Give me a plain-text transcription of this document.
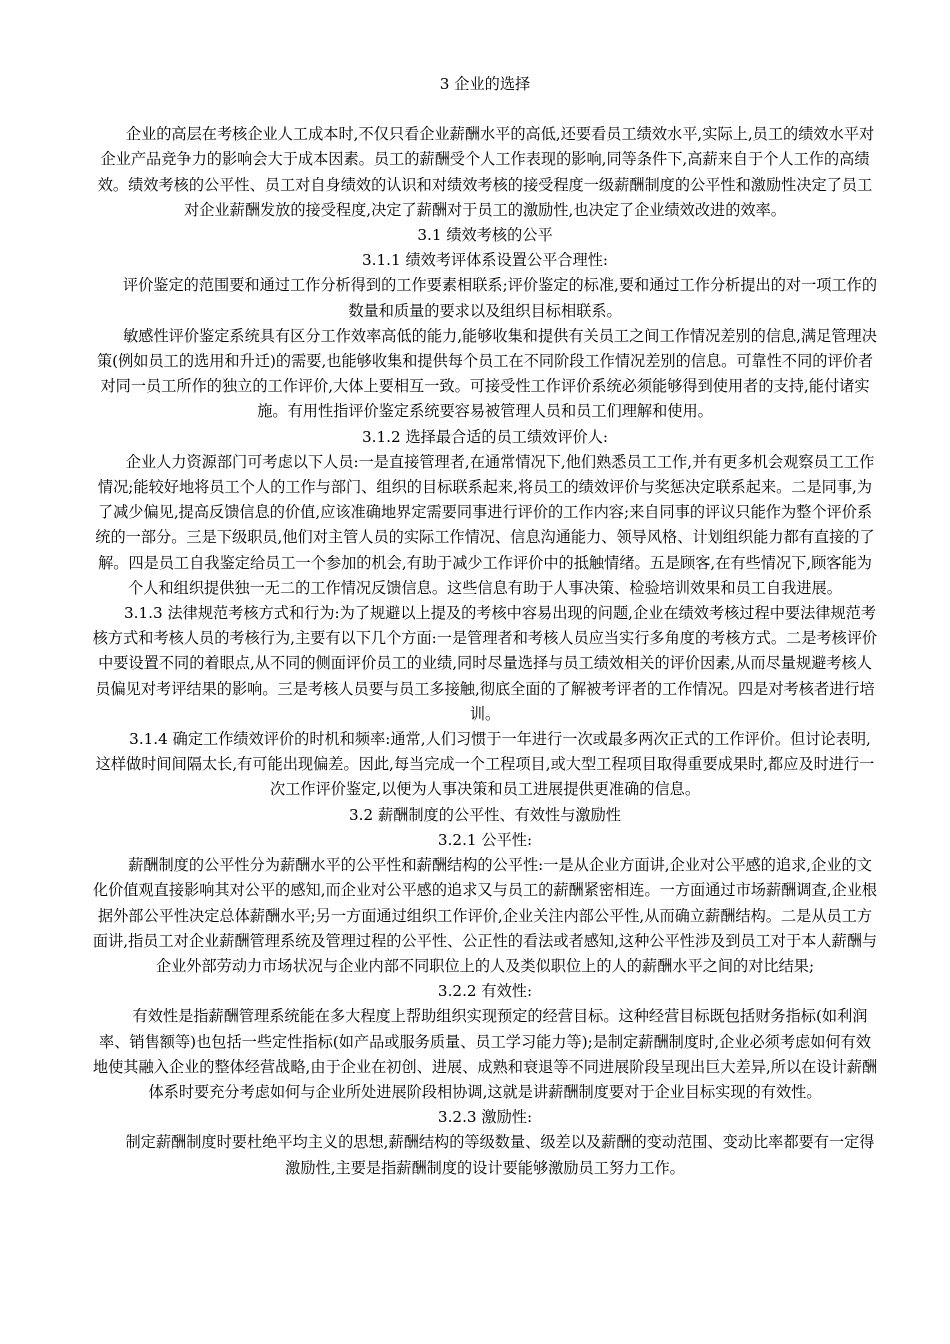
3 企业的选择

企业的高层在考核企业人工成本时,不仅只看企业薪酬水平的高低,还要看员工绩效水平,实际上,员工的绩效水平对企业产品竞争力的影响会大于成本因素。员工的薪酬受个人工作表现的影响,同等条件下,高薪来自于个人工作的高绩效。绩效考核的公平性、员工对自身绩效的认识和对绩效考核的接受程度一级薪酬制度的公平性和激励性决定了员工对企业薪酬发放的接受程度,决定了薪酬对于员工的激励性,也决定了企业绩效改进的效率。

3.1 绩效考核的公平

3.1.1 绩效考评体系设置公平合理性:

评价鉴定的范围要和通过工作分析得到的工作要素相联系;评价鉴定的标准,要和通过工作分析提出的对一项工作的数量和质量的要求以及组织目标相联系。

敏感性评价鉴定系统具有区分工作效率高低的能力,能够收集和提供有关员工之间工作情况差别的信息,满足管理决策(例如员工的选用和升迁)的需要,也能够收集和提供每个员工在不同阶段工作情况差别的信息。可靠性不同的评价者对同一员工所作的独立的工作评价,大体上要相互一致。可接受性工作评价系统必须能够得到使用者的支持,能付诸实施。有用性指评价鉴定系统要容易被管理人员和员工们理解和使用。

3.1.2 选择最合适的员工绩效评价人:

企业人力资源部门可考虑以下人员:一是直接管理者,在通常情况下,他们熟悉员工工作,并有更多机会观察员工工作情况;能较好地将员工个人的工作与部门、组织的目标联系起来,将员工的绩效评价与奖惩决定联系起来。二是同事,为了减少偏见,提高反馈信息的价值,应该准确地界定需要同事进行评价的工作内容;来自同事的评议只能作为整个评价系统的一部分。三是下级职员,他们对主管人员的实际工作情况、信息沟通能力、领导风格、计划组织能力都有直接的了解。四是员工自我鉴定给员工一个参加的机会,有助于减少工作评价中的抵触情绪。五是顾客,在有些情况下,顾客能为个人和组织提供独一无二的工作情况反馈信息。这些信息有助于人事决策、检验培训效果和员工自我进展。

3.1.3 法律规范考核方式和行为:为了规避以上提及的考核中容易出现的问题,企业在绩效考核过程中要法律规范考核方式和考核人员的考核行为,主要有以下几个方面:一是管理者和考核人员应当实行多角度的考核方式。二是考核评价中要设置不同的着眼点,从不同的侧面评价员工的业绩,同时尽量选择与员工绩效相关的评价因素,从而尽量规避考核人员偏见对考评结果的影响。三是考核人员要与员工多接触,彻底全面的了解被考评者的工作情况。四是对考核者进行培训。

3.1.4 确定工作绩效评价的时机和频率:通常,人们习惯于一年进行一次或最多两次正式的工作评价。但讨论表明,这样做时间间隔太长,有可能出现偏差。因此,每当完成一个工程项目,或大型工程项目取得重要成果时,都应及时进行一次工作评价鉴定,以便为人事决策和员工进展提供更准确的信息。

3.2 薪酬制度的公平性、有效性与激励性

3.2.1 公平性:

薪酬制度的公平性分为薪酬水平的公平性和薪酬结构的公平性:一是从企业方面讲,企业对公平感的追求,企业的文化价值观直接影响其对公平的感知,而企业对公平感的追求又与员工的薪酬紧密相连。一方面通过市场薪酬调查,企业根据外部公平性决定总体薪酬水平;另一方面通过组织工作评价,企业关注内部公平性,从而确立薪酬结构。二是从员工方面讲,指员工对企业薪酬管理系统及管理过程的公平性、公正性的看法或者感知,这种公平性涉及到员工对于本人薪酬与企业外部劳动力市场状况与企业内部不同职位上的人及类似职位上的人的薪酬水平之间的对比结果;

3.2.2 有效性:

有效性是指薪酬管理系统能在多大程度上帮助组织实现预定的经营目标。这种经营目标既包括财务指标(如利润率、销售额等)也包括一些定性指标(如产品或服务质量、员工学习能力等);是制定薪酬制度时,企业必须考虑如何有效地使其融入企业的整体经营战略,由于企业在初创、进展、成熟和衰退等不同进展阶段呈现出巨大差异,所以在设计薪酬体系时要充分考虑如何与企业所处进展阶段相协调,这就是讲薪酬制度要对于企业目标实现的有效性。

3.2.3 激励性:

制定薪酬制度时要杜绝平均主义的思想,薪酬结构的等级数量、级差以及薪酬的变动范围、变动比率都要有一定得激励性,主要是指薪酬制度的设计要能够激励员工努力工作。
